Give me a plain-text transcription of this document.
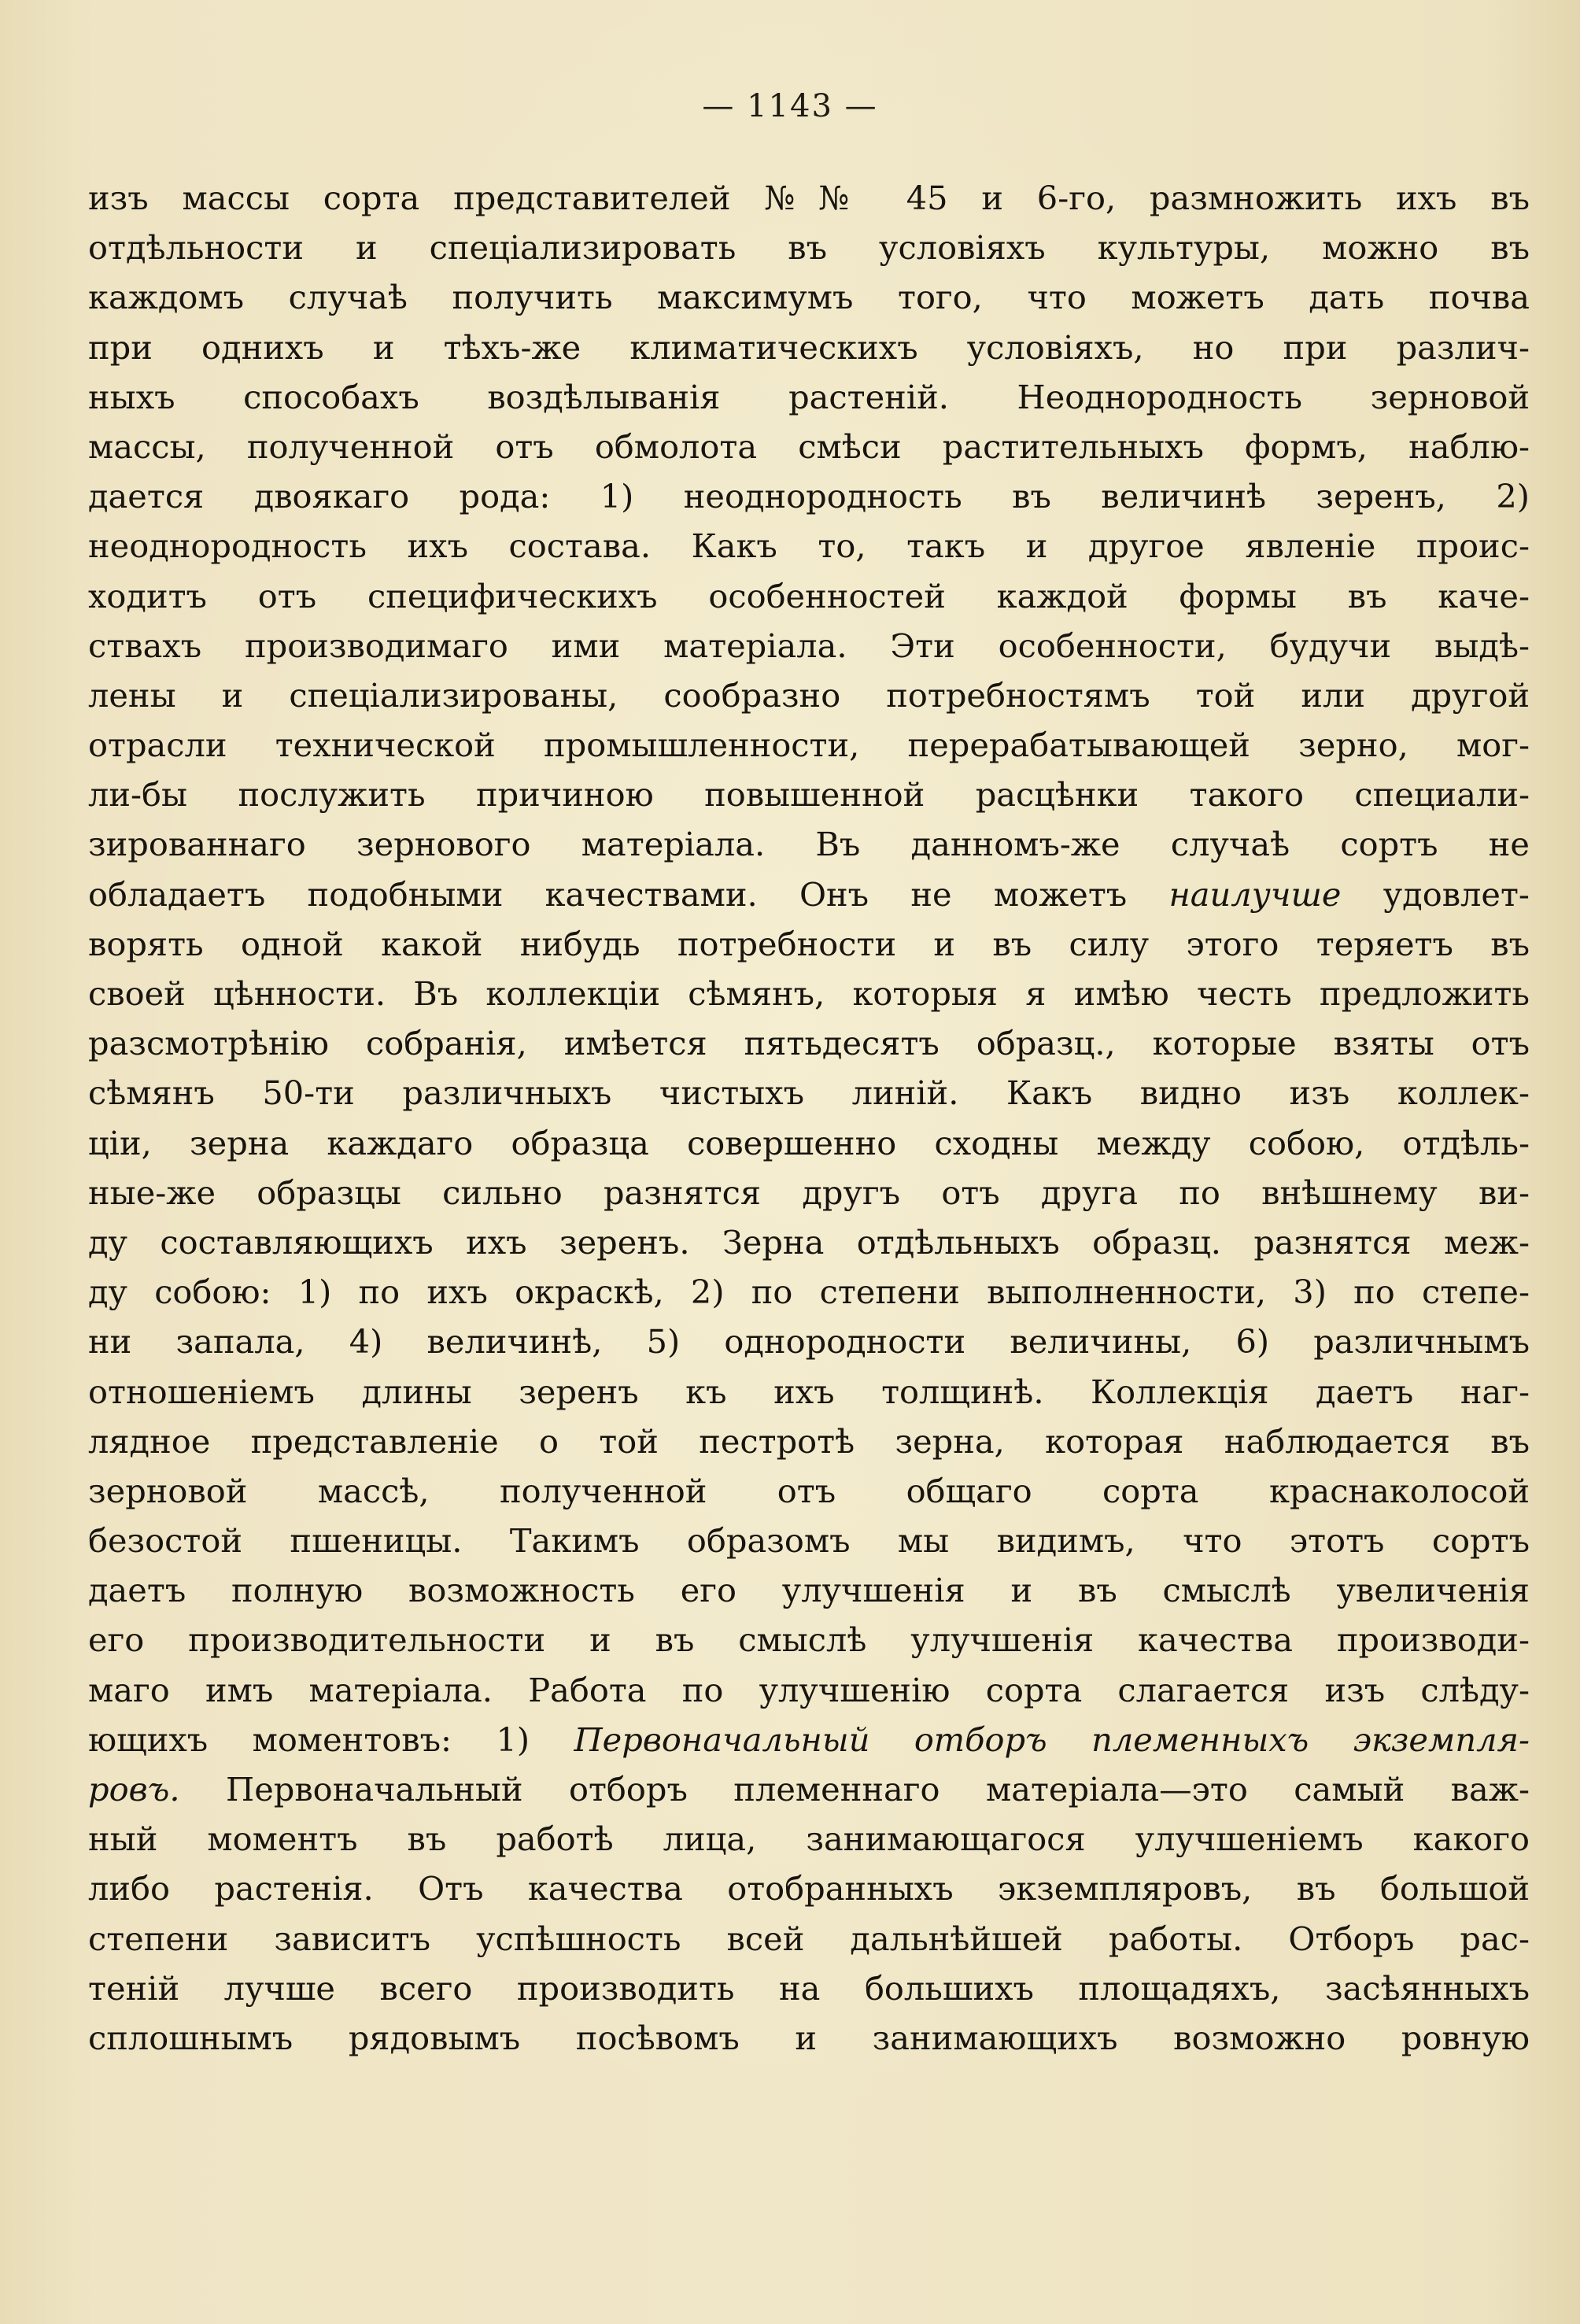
— 1143 —
изъ массы сорта представителей №№ 45 и 6-го, размножить ихъ въ
отдѣльности и спеціализировать въ условіяхъ культуры, можно въ
каждомъ случаѣ получить максимумъ того, что можетъ дать почва
при однихъ и тѣхъ-же климатическихъ условіяхъ, но при различ-
ныхъ способахъ воздѣлыванія растеній. Неоднородность зерновой
массы, полученной отъ обмолота смѣси растительныхъ формъ, наблю-
дается двоякаго рода: 1) неоднородность въ величинѣ зеренъ, 2)
неоднородность ихъ состава. Какъ то, такъ и другое явленіе проис-
ходитъ отъ специфическихъ особенностей каждой формы въ каче-
ствахъ производимаго ими матеріала. Эти особенности, будучи выдѣ-
лены и спеціализированы, сообразно потребностямъ той или другой
отрасли технической промышленности, перерабатывающей зерно, мог-
ли-бы послужить причиною повышенной расцѣнки такого специали-
зированнаго зернового матеріала. Въ данномъ-же случаѣ сортъ не
обладаетъ подобными качествами. Онъ не можетъ наилучше удовлет-
ворять одной какой нибудь потребности и въ силу этого теряетъ въ
своей цѣнности. Въ коллекціи сѣмянъ, которыя я имѣю честь предложить
разсмотрѣнію собранія, имѣется пятьдесятъ образц., которые взяты отъ
сѣмянъ 50-ти различныхъ чистыхъ линій. Какъ видно изъ коллек-
ціи, зерна каждаго образца совершенно сходны между собою, отдѣль-
ные-же образцы сильно разнятся другъ отъ друга по внѣшнему ви-
ду составляющихъ ихъ зеренъ. Зерна отдѣльныхъ образц. разнятся меж-
ду собою: 1) по ихъ окраскѣ, 2) по степени выполненности, 3) по степе-
ни запала, 4) величинѣ, 5) однородности величины, 6) различнымъ
отношеніемъ длины зеренъ къ ихъ толщинѣ. Коллекція даетъ наг-
лядное представленіе о той пестротѣ зерна, которая наблюдается въ
зерновой массѣ, полученной отъ общаго сорта краснаколосой
безостой пшеницы. Такимъ образомъ мы видимъ, что этотъ сортъ
даетъ полную возможность его улучшенія и въ смыслѣ увеличенія
его производительности и въ смыслѣ улучшенія качества производи-
маго имъ матеріала. Работа по улучшенію сорта слагается изъ слѣду-
ющихъ моментовъ: 1) Первоначальный отборъ племенныхъ экземпля-
ровъ. Первоначальный отборъ племеннаго матеріала—это самый важ-
ный моментъ въ работѣ лица, занимающагося улучшеніемъ какого
либо растенія. Отъ качества отобранныхъ экземпляровъ, въ большой
степени зависитъ успѣшность всей дальнѣйшей работы. Отборъ рас-
теній лучше всего производить на большихъ площадяхъ, засѣянныхъ
сплошнымъ рядовымъ посѣвомъ и занимающихъ возможно ровную
